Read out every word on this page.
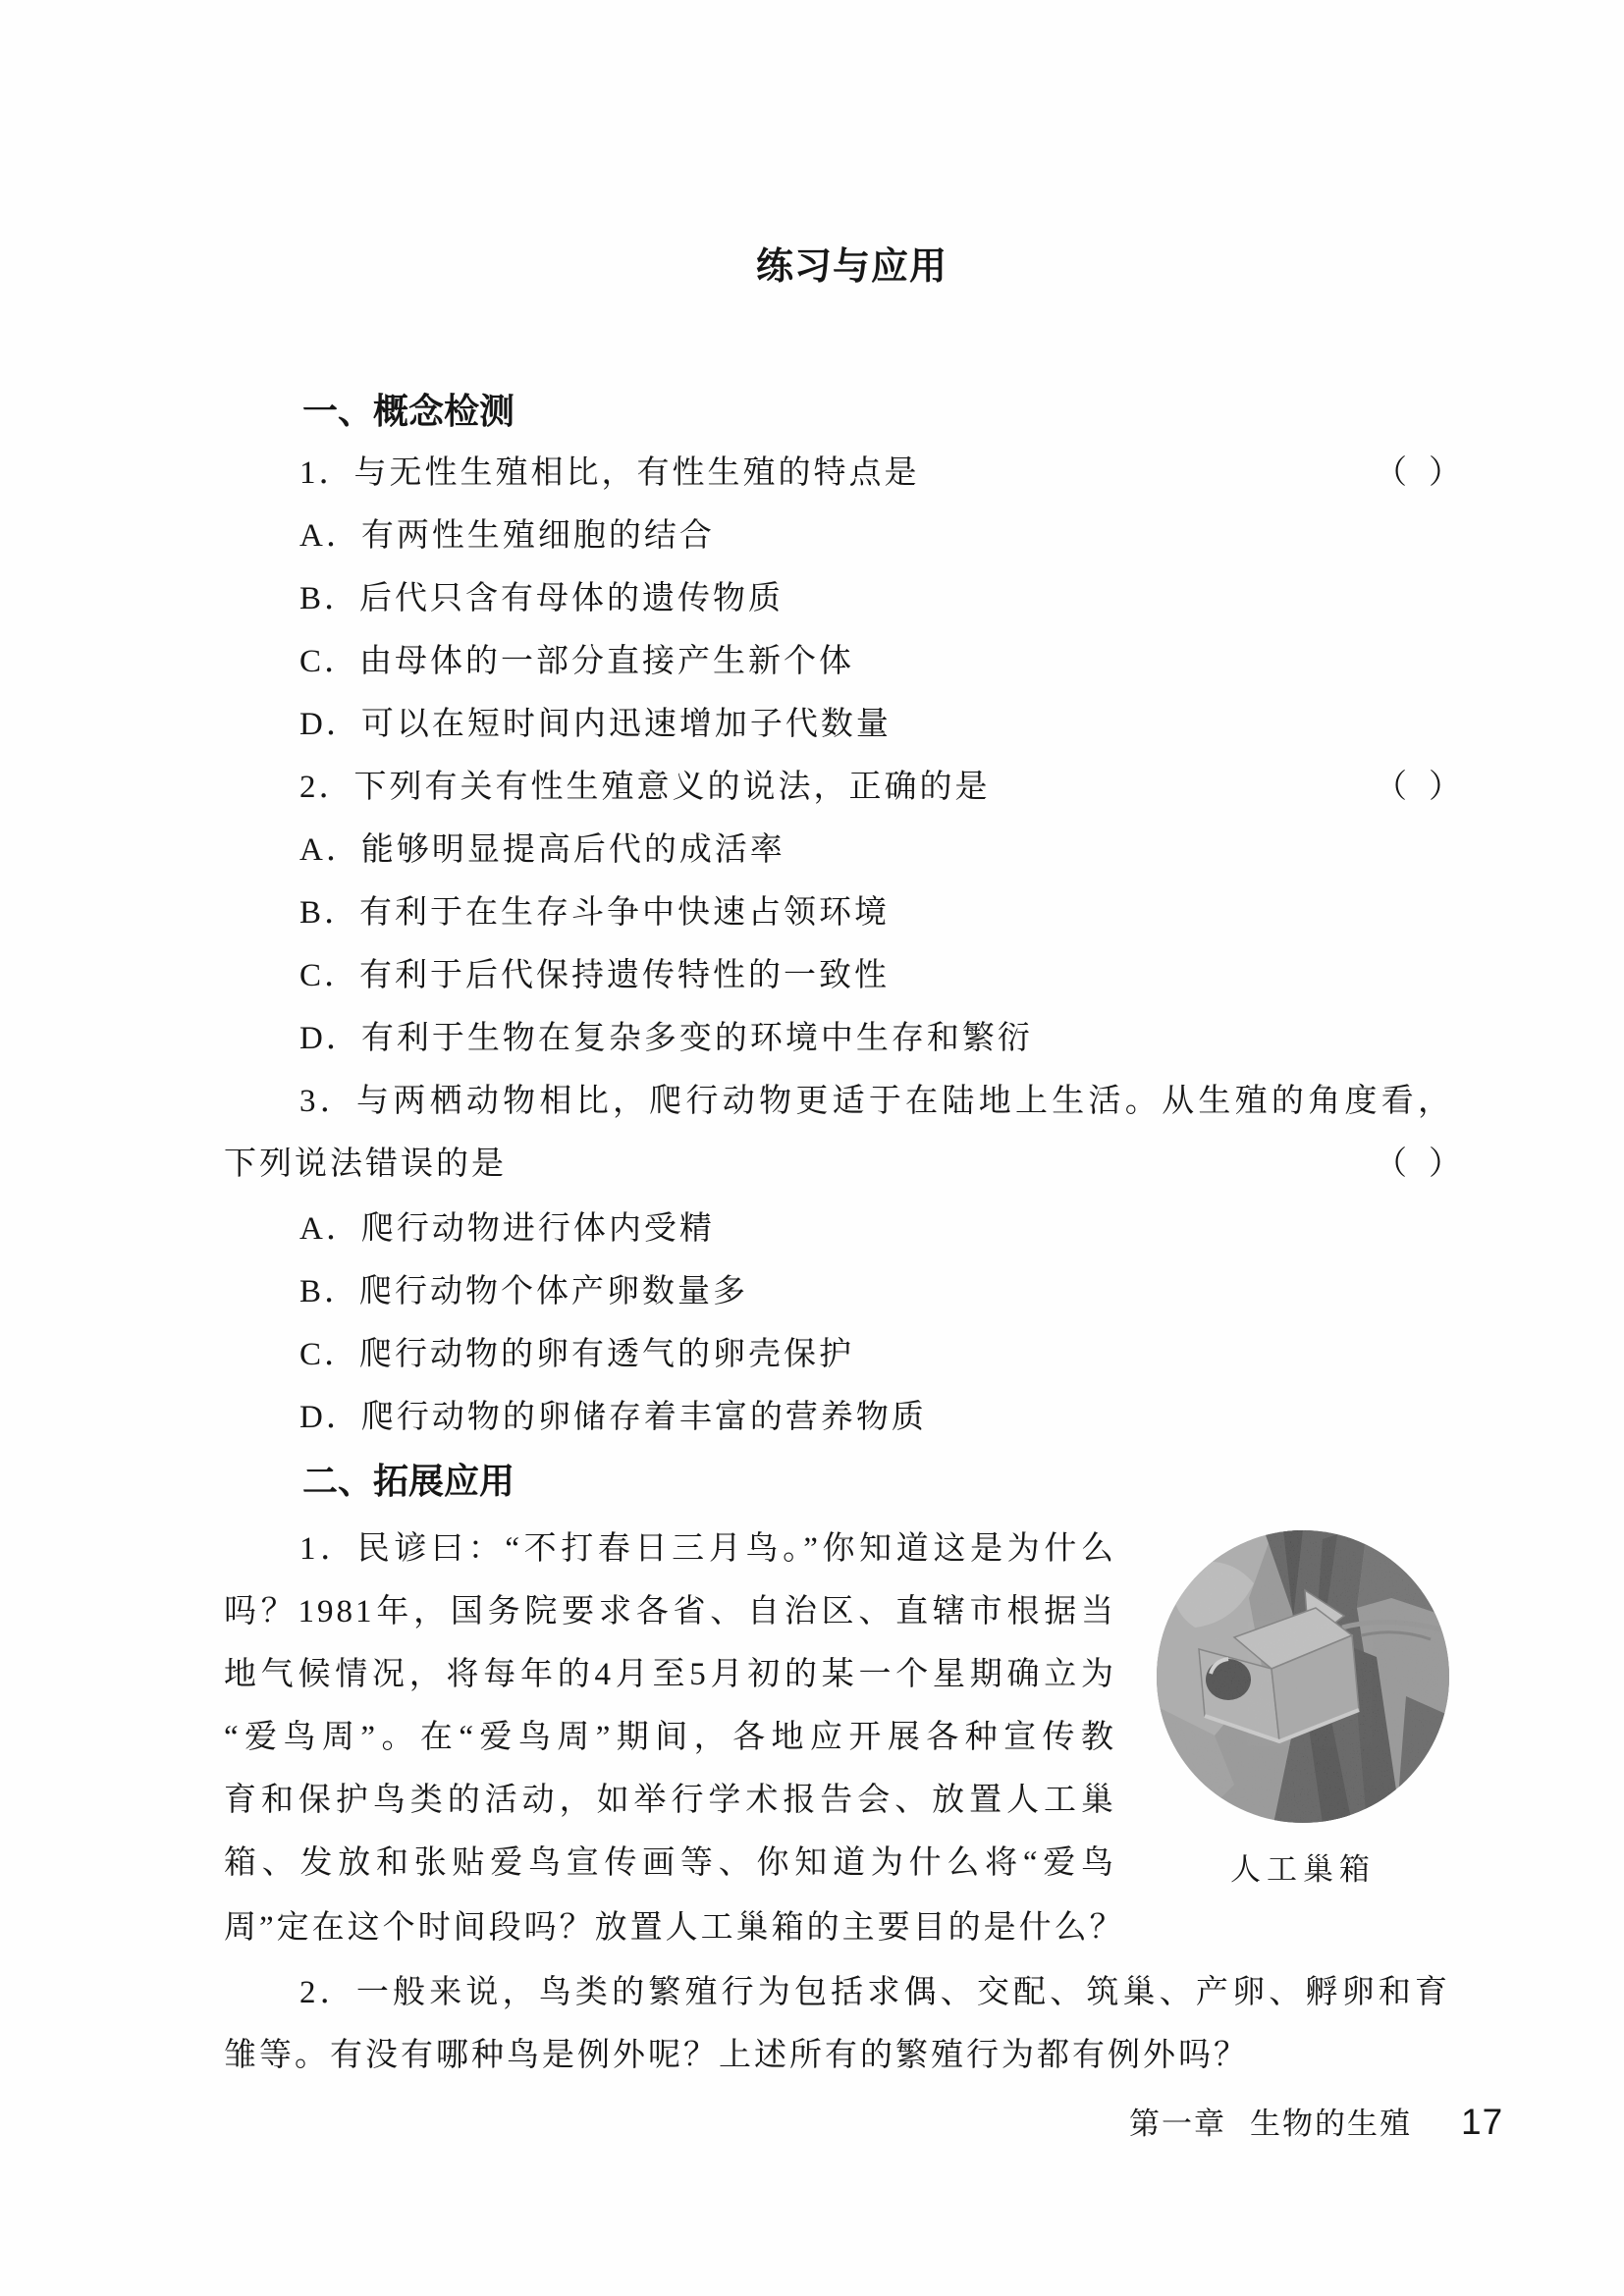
练习与应用
一、概念检测
1．与无性生殖相比，有性生殖的特点是	（ ）
A．有两性生殖细胞的结合
B．后代只含有母体的遗传物质
C．由母体的一部分直接产生新个体
D．可以在短时间内迅速增加子代数量
2．下列有关有性生殖意义的说法，正确的是	（ ）
A．能够明显提高后代的成活率
B．有利于在生存斗争中快速占领环境
C．有利于后代保持遗传特性的一致性
D．有利于生物在复杂多变的环境中生存和繁衍
3．与两栖动物相比，爬行动物更适于在陆地上生活。从生殖的角度看，
下列说法错误的是	（ ）
A．爬行动物进行体内受精
B．爬行动物个体产卵数量多
C．爬行动物的卵有透气的卵壳保护
D．爬行动物的卵储存着丰富的营养物质
二、拓展应用
1．民谚曰：“不打春日三月鸟。”你知道这是为什么
吗？1981年，国务院要求各省、自治区、直辖市根据当
地气候情况，将每年的4月至5月初的某一个星期确立为
“爱鸟周”。在“爱鸟周”期间，各地应开展各种宣传教
育和保护鸟类的活动，如举行学术报告会、放置人工巢
箱、发放和张贴爱鸟宣传画等、你知道为什么将“爱鸟
周”定在这个时间段吗？放置人工巢箱的主要目的是什么？
2．一般来说，鸟类的繁殖行为包括求偶、交配、筑巢、产卵、孵卵和育
雏等。有没有哪种鸟是例外呢？上述所有的繁殖行为都有例外吗？
人工巢箱
第一章 生物的生殖 17
